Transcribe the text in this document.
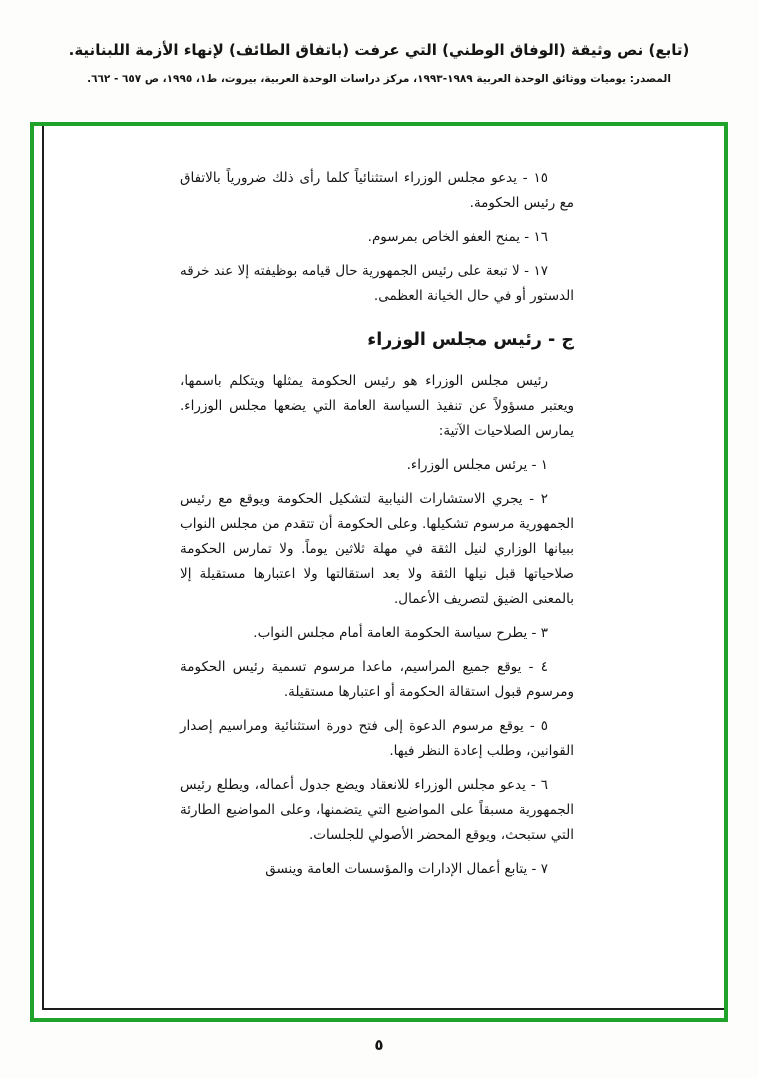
(تابع) نص وثيقة (الوفاق الوطني) التي عرفت (باتفاق الطائف) لإنهاء الأزمة اللبنانية.
المصدر: يوميات ووثائق الوحدة العربية ١٩٨٩-١٩٩٣، مركز دراسات الوحدة العربية، بيروت، ط١، ١٩٩٥، ص ٦٥٧ - ٦٦٢.

١٥ - يدعو مجلس الوزراء استثنائياً كلما رأى ذلك ضرورياً بالاتفاق مع رئيس الحكومة.

١٦ - يمنح العفو الخاص بمرسوم.

١٧ - لا تبعة على رئيس الجمهورية حال قيامه بوظيفته إلا عند خرقه الدستور أو في حال الخيانة العظمى.

ج - رئيس مجلس الوزراء

رئيس مجلس الوزراء هو رئيس الحكومة يمثلها ويتكلم باسمها، ويعتبر مسؤولاً عن تنفيذ السياسة العامة التي يضعها مجلس الوزراء. يمارس الصلاحيات الآتية:

١ - يرئس مجلس الوزراء.

٢ - يجري الاستشارات النيابية لتشكيل الحكومة ويوقع مع رئيس الجمهورية مرسوم تشكيلها. وعلى الحكومة أن تتقدم من مجلس النواب ببيانها الوزاري لنيل الثقة في مهلة ثلاثين يوماً. ولا تمارس الحكومة صلاحياتها قبل نيلها الثقة ولا بعد استقالتها ولا اعتبارها مستقيلة إلا بالمعنى الضيق لتصريف الأعمال.

٣ - يطرح سياسة الحكومة العامة أمام مجلس النواب.

٤ - يوقع جميع المراسيم، ماعدا مرسوم تسمية رئيس الحكومة ومرسوم قبول استقالة الحكومة أو اعتبارها مستقيلة.

٥ - يوقع مرسوم الدعوة إلى فتح دورة استثنائية ومراسيم إصدار القوانين، وطلب إعادة النظر فيها.

٦ - يدعو مجلس الوزراء للانعقاد ويضع جدول أعماله، ويطلع رئيس الجمهورية مسبقاً على المواضيع التي يتضمنها، وعلى المواضيع الطارئة التي ستبحث، ويوقع المحضر الأصولي للجلسات.

٧ - يتابع أعمال الإدارات والمؤسسات العامة وينسق

٥
